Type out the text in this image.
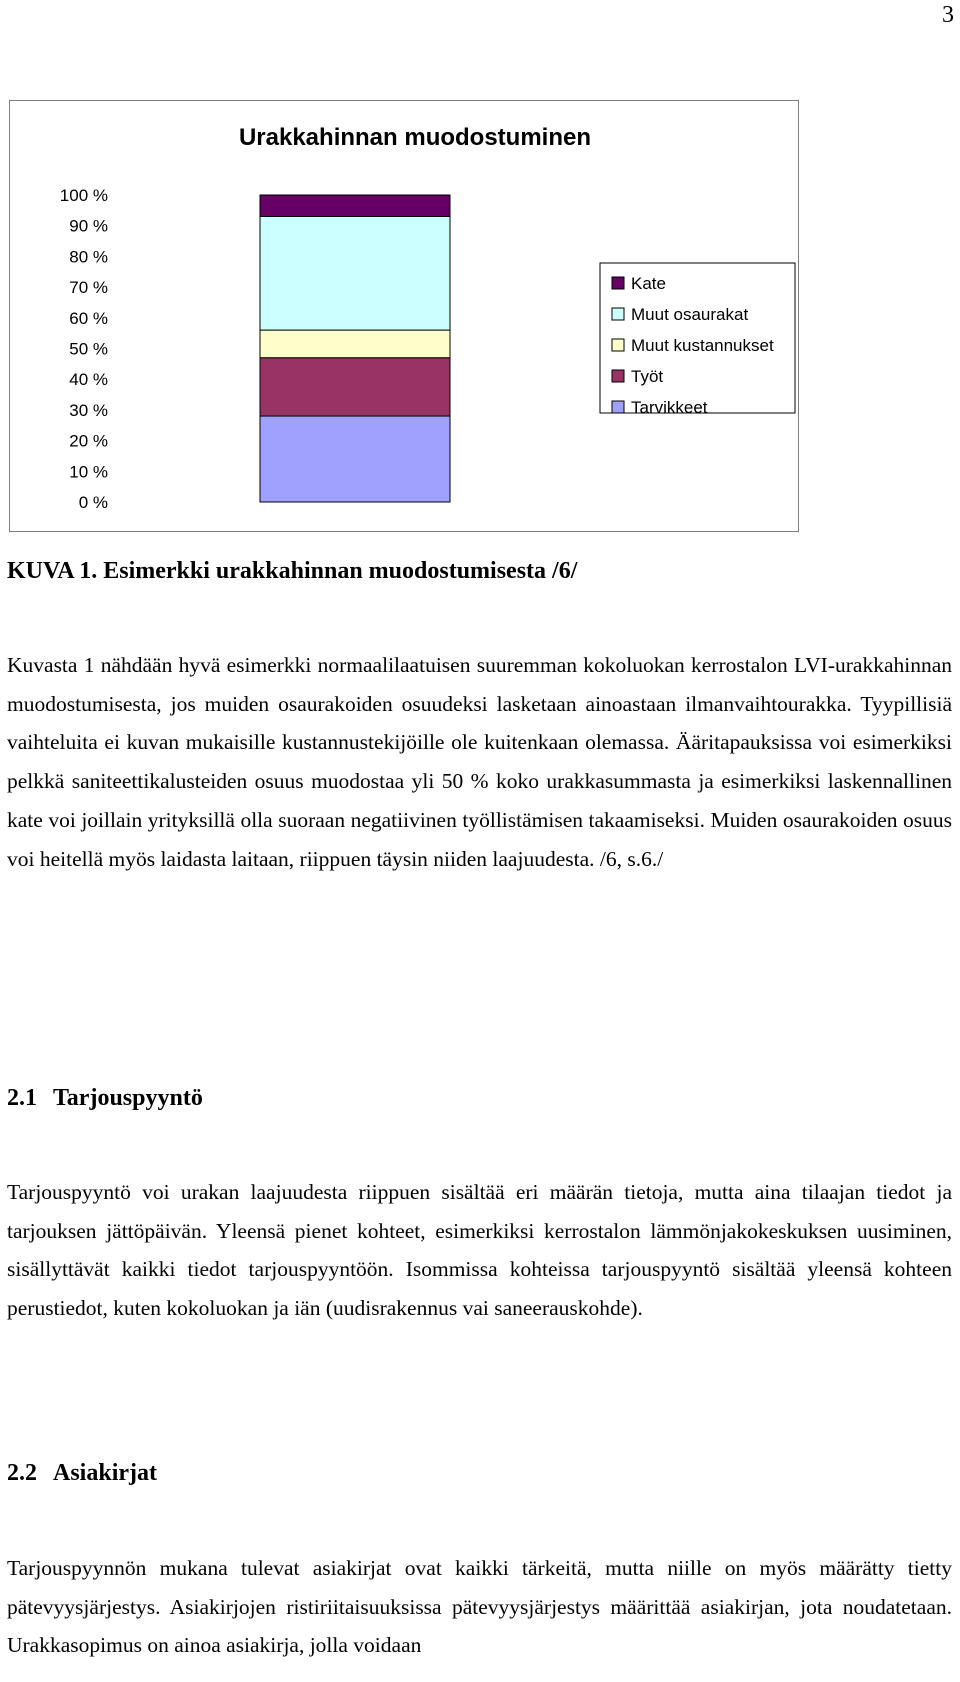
3
Urakkahinnan muodostuminen
0 %
10 %
20 %
30 %
40 %
50 %
60 %
70 %
80 %
90 %
100 %
Kate
Muut osaurakat
Muut kustannukset
Työt
Tarvikkeet
KUVA 1. Esimerkki urakkahinnan muodostumisesta /6/

Kuvasta 1 nähdään hyvä esimerkki normaalilaatuisen suuremman kokoluokan kerrostalon LVI-urakkahinnan muodostumisesta, jos muiden osaurakoiden osuudeksi lasketaan ainoastaan ilmanvaihtourakka. Tyypillisiä vaihteluita ei kuvan mukaisille kustannustekijöille ole kuitenkaan olemassa. Ääritapauksissa voi esimerkiksi pelkkä saniteettikalusteiden osuus muodostaa yli 50 % koko urakkasummasta ja esimerkiksi laskennallinen kate voi joillain yrityksillä olla suoraan negatiivinen työllistämisen takaamiseksi. Muiden osaurakoiden osuus voi heitellä myös laidasta laitaan, riippuen täysin niiden laajuudesta. /6, s.6./

2.1 Tarjouspyyntö

Tarjouspyyntö voi urakan laajuudesta riippuen sisältää eri määrän tietoja, mutta aina tilaajan tiedot ja tarjouksen jättöpäivän. Yleensä pienet kohteet, esimerkiksi kerrostalon lämmönjakokeskuksen uusiminen, sisällyttävät kaikki tiedot tarjouspyyntöön. Isommissa kohteissa tarjouspyyntö sisältää yleensä kohteen perustiedot, kuten kokoluokan ja iän (uudisrakennus vai saneerauskohde).

2.2 Asiakirjat

Tarjouspyynnön mukana tulevat asiakirjat ovat kaikki tärkeitä, mutta niille on myös määrätty tietty pätevyysjärjestys. Asiakirjojen ristiriitaisuuksissa pätevyysjärjestys määrittää asiakirjan, jota noudatetaan. Urakkasopimus on ainoa asiakirja, jolla voidaan
